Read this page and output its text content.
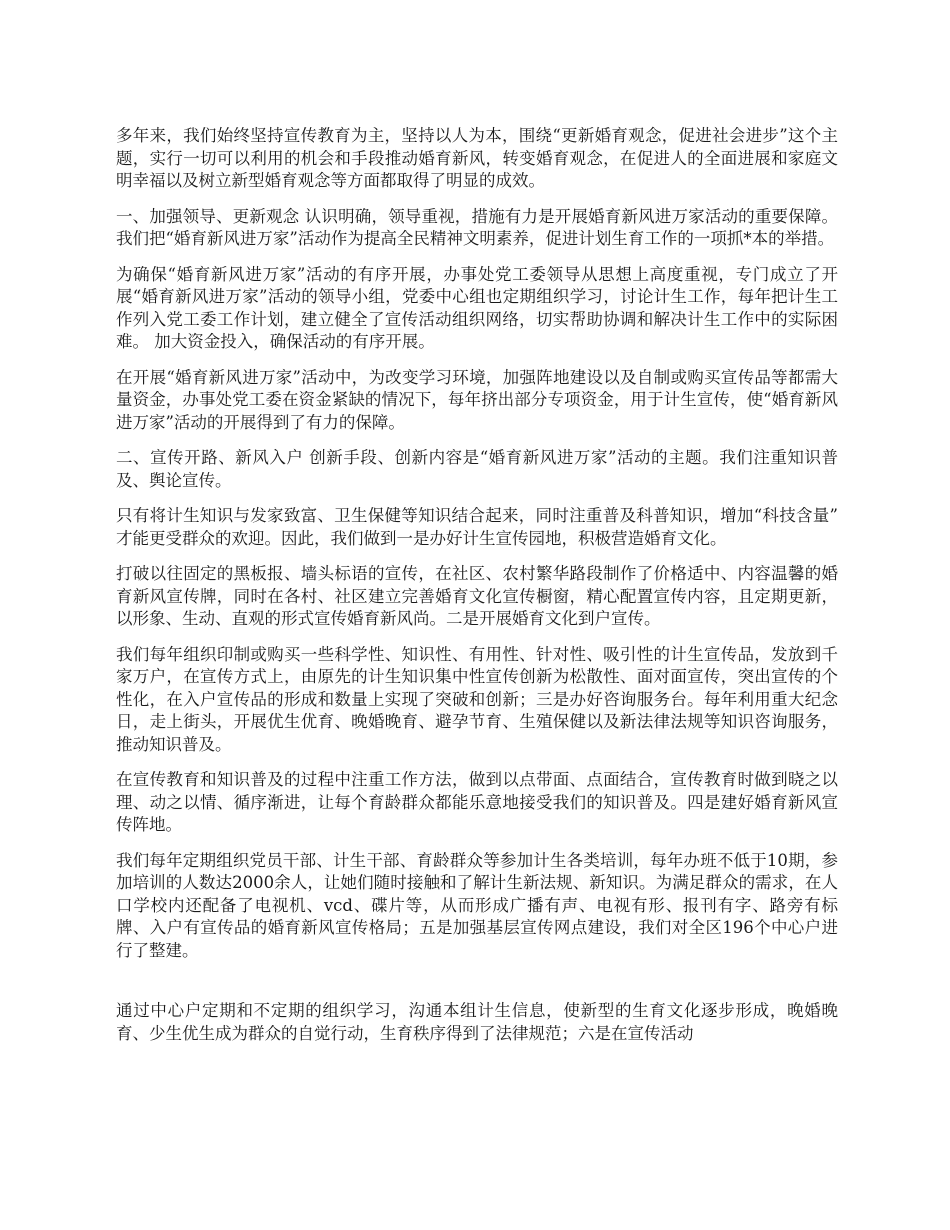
多年来，我们始终坚持宣传教育为主，坚持以人为本，围绕“更新婚育观念，促进社会进步”这个主题，实行一切可以利用的机会和手段推动婚育新风，转变婚育观念，在促进人的全面进展和家庭文明幸福以及树立新型婚育观念等方面都取得了明显的成效。

一、加强领导、更新观念 认识明确，领导重视，措施有力是开展婚育新风进万家活动的重要保障。我们把“婚育新风进万家”活动作为提高全民精神文明素养，促进计划生育工作的一项抓*本的举措。

为确保“婚育新风进万家”活动的有序开展，办事处党工委领导从思想上高度重视，专门成立了开展“婚育新风进万家”活动的领导小组，党委中心组也定期组织学习，讨论计生工作，每年把计生工作列入党工委工作计划，建立健全了宣传活动组织网络，切实帮助协调和解决计生工作中的实际困难。 加大资金投入，确保活动的有序开展。

在开展“婚育新风进万家”活动中，为改变学习环境，加强阵地建设以及自制或购买宣传品等都需大量资金，办事处党工委在资金紧缺的情况下，每年挤出部分专项资金，用于计生宣传，使“婚育新风进万家”活动的开展得到了有力的保障。

二、宣传开路、新风入户 创新手段、创新内容是“婚育新风进万家”活动的主题。我们注重知识普及、舆论宣传。

只有将计生知识与发家致富、卫生保健等知识结合起来，同时注重普及科普知识，增加“科技含量” 才能更受群众的欢迎。因此，我们做到一是办好计生宣传园地，积极营造婚育文化。

打破以往固定的黑板报、墙头标语的宣传，在社区、农村繁华路段制作了价格适中、内容温馨的婚育新风宣传牌，同时在各村、社区建立完善婚育文化宣传橱窗，精心配置宣传内容，且定期更新，以形象、生动、直观的形式宣传婚育新风尚。二是开展婚育文化到户宣传。

我们每年组织印制或购买一些科学性、知识性、有用性、针对性、吸引性的计生宣传品，发放到千家万户，在宣传方式上，由原先的计生知识集中性宣传创新为松散性、面对面宣传，突出宣传的个性化，在入户宣传品的形成和数量上实现了突破和创新；三是办好咨询服务台。每年利用重大纪念日，走上街头，开展优生优育、晚婚晚育、避孕节育、生殖保健以及新法律法规等知识咨询服务，推动知识普及。

在宣传教育和知识普及的过程中注重工作方法，做到以点带面、点面结合，宣传教育时做到晓之以理、动之以情、循序渐进，让每个育龄群众都能乐意地接受我们的知识普及。四是建好婚育新风宣传阵地。

我们每年定期组织党员干部、计生干部、育龄群众等参加计生各类培训，每年办班不低于10期，参加培训的人数达2000余人，让她们随时接触和了解计生新法规、新知识。为满足群众的需求，在人口学校内还配备了电视机、vcd、碟片等，从而形成广播有声、电视有形、报刊有字、路旁有标牌、入户有宣传品的婚育新风宣传格局；五是加强基层宣传网点建设，我们对全区196个中心户进行了整建。

通过中心户定期和不定期的组织学习，沟通本组计生信息，使新型的生育文化逐步形成，晚婚晚育、少生优生成为群众的自觉行动，生育秩序得到了法律规范；六是在宣传活动
